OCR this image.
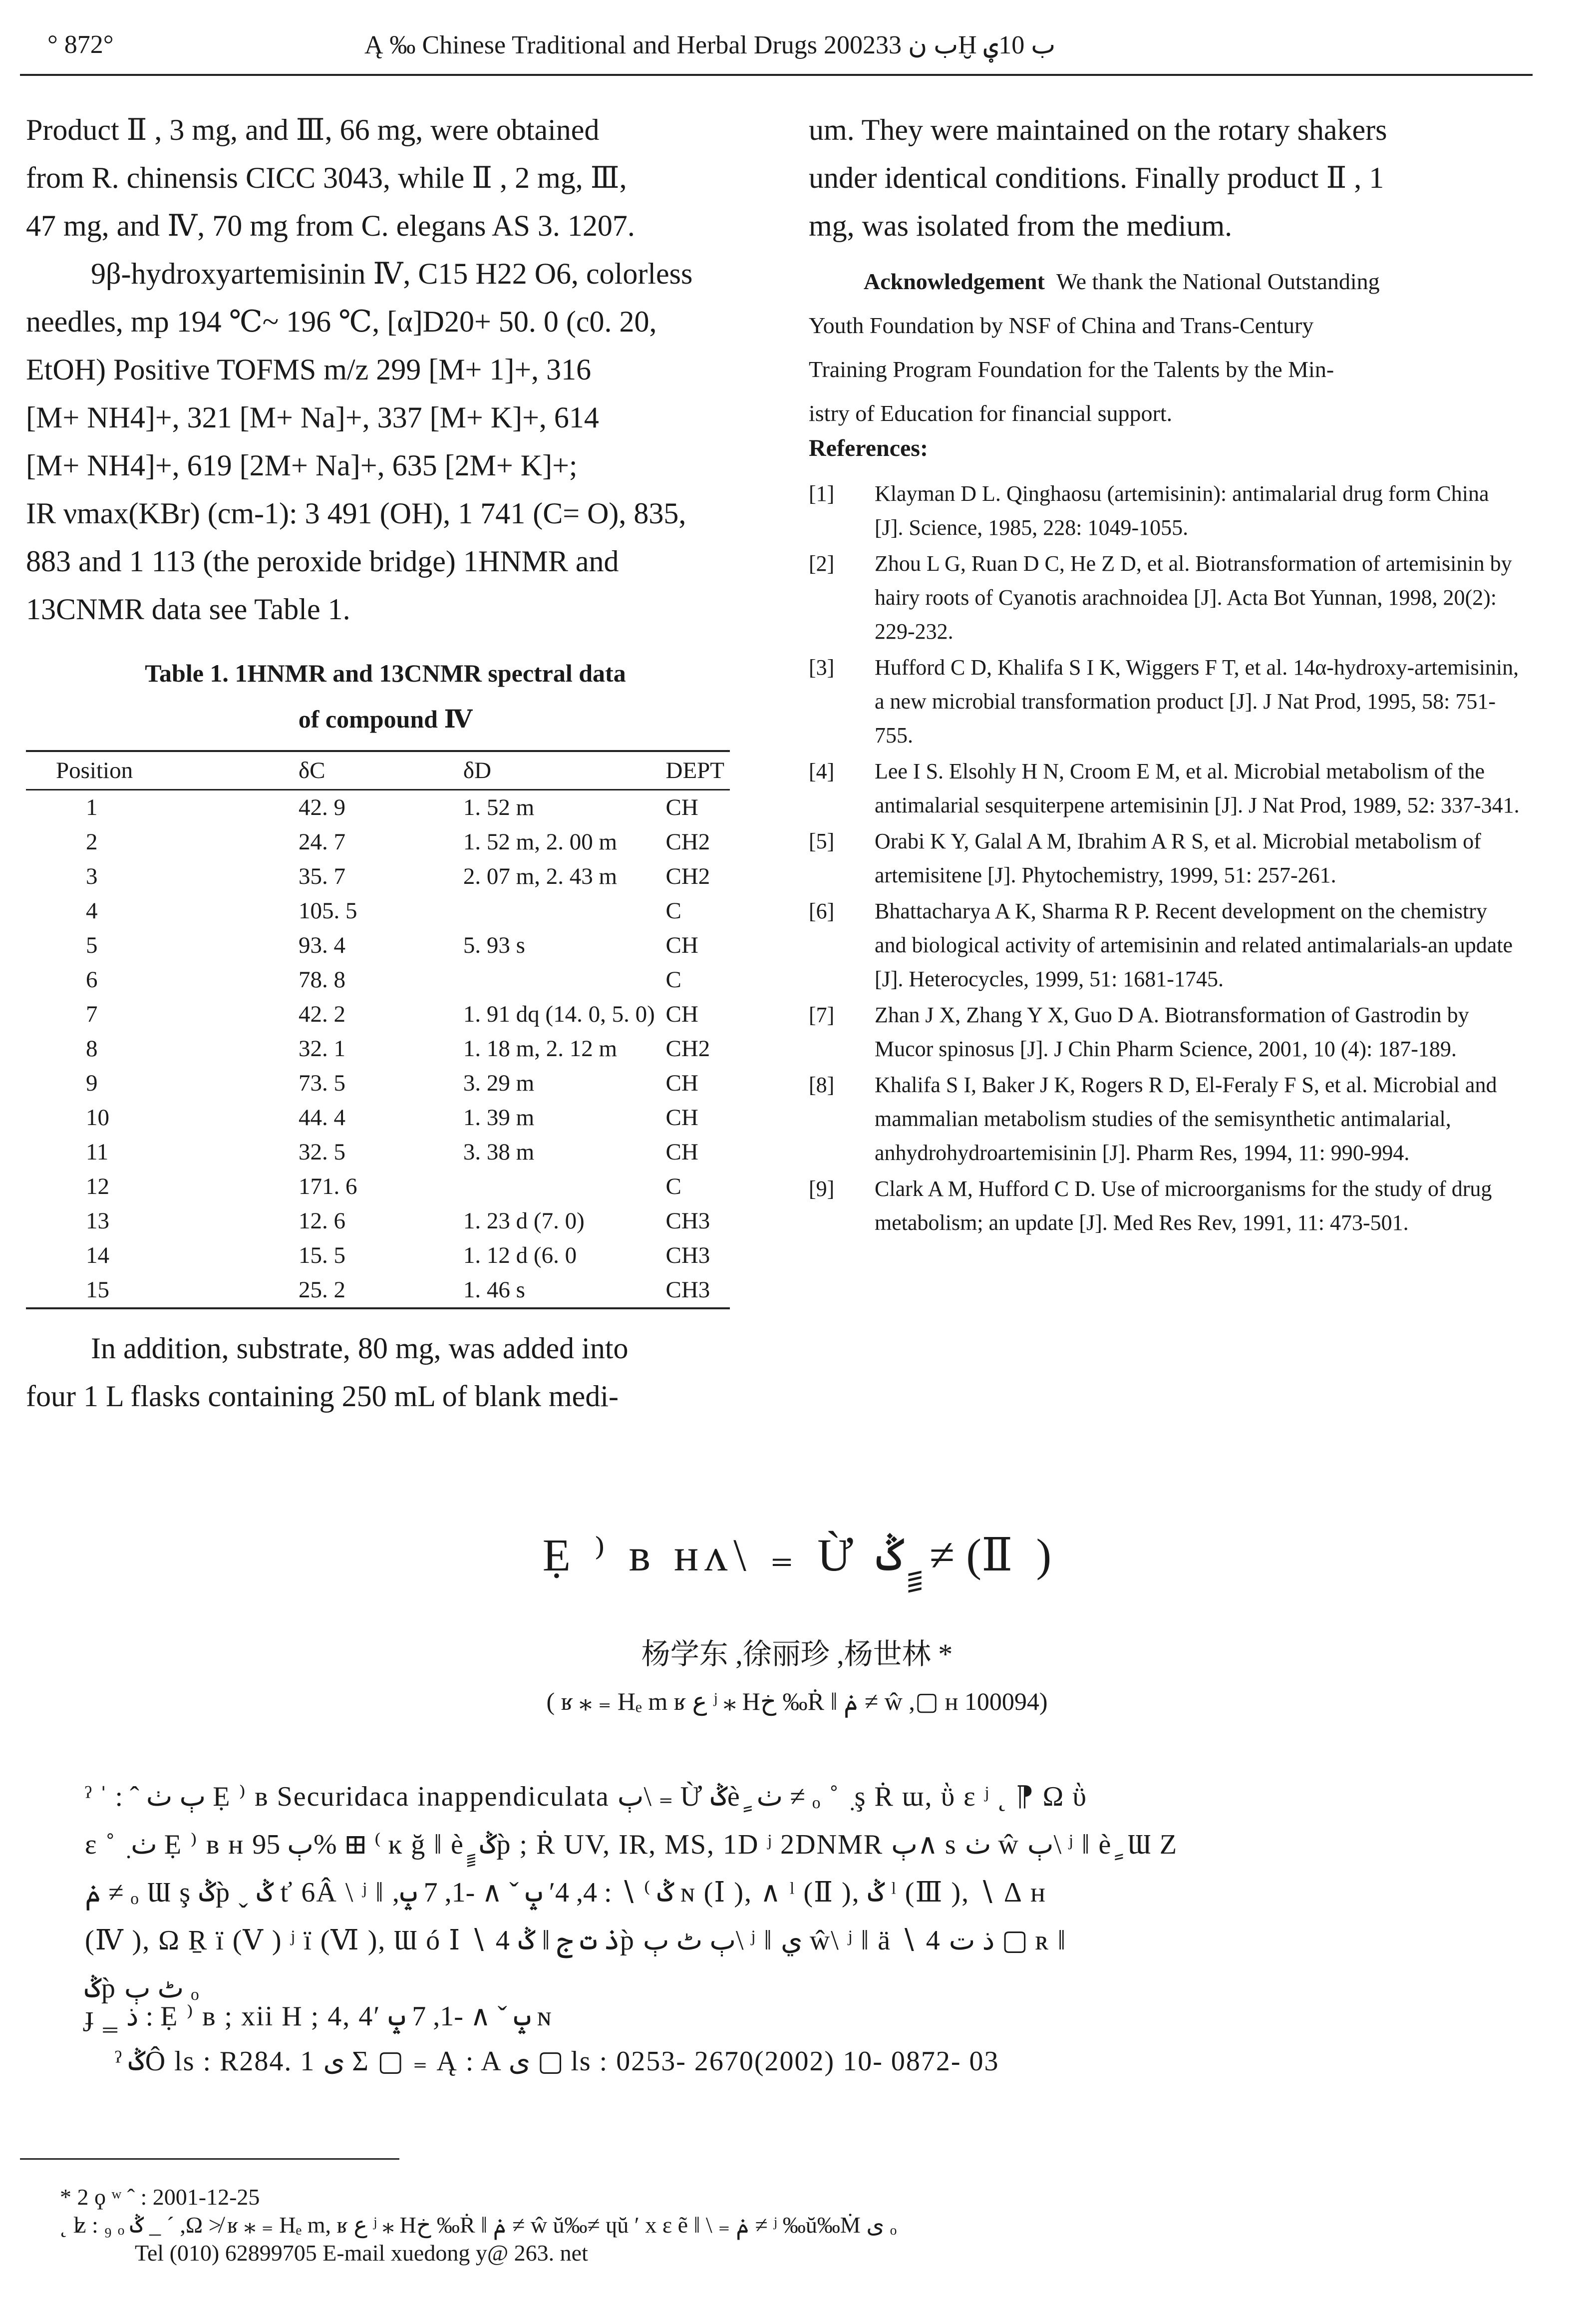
° 872°	Ą ‰ Chinese Traditional and Herbal Drugs 2002ب ن 33Ḫ ب 10ؠ
Product Ⅱ , 3 mg, and Ⅲ, 66 mg, were obtained
from R. chinensis CICC 3043, while Ⅱ , 2 mg, Ⅲ,
47 mg, and Ⅳ, 70 mg from C. elegans AS 3. 1207.
9β-hydroxyartemisinin Ⅳ, C15 H22 O6, colorless
needles, mp 194 ℃~ 196 ℃, [α]D20+ 50. 0 (c0. 20,
EtOH) Positive TOFMS m/z 299 [M+ 1]+, 316
[M+ NH4]+, 321 [M+ Na]+, 337 [M+ K]+, 614
[M+ NH4]+, 619 [2M+ Na]+, 635 [2M+ K]+;
IR νmax(KBr) (cm-1): 3 491 (OH), 1 741 (C= O), 835,
883 and 1 113 (the peroxide bridge) 1HNMR and
13CNMR data see Table 1.
Table 1. 1HNMR and 13CNMR spectral data
of compound Ⅳ
Position	δC	δD	DEPT
1	42. 9	1. 52 m	CH
2	24. 7	1. 52 m, 2. 00 m	CH2
3	35. 7	2. 07 m, 2. 43 m	CH2
4	105. 5		C
5	93. 4	5. 93 s	CH
6	78. 8		C
7	42. 2	1. 91 dq (14. 0, 5. 0)	CH
8	32. 1	1. 18 m, 2. 12 m	CH2
9	73. 5	3. 29 m	CH
10	44. 4	1. 39 m	CH
11	32. 5	3. 38 m	CH
12	171. 6		C
13	12. 6	1. 23 d (7. 0)	CH3
14	15. 5	1. 12 d (6. 0	CH3
15	25. 2	1. 46 s	CH3
In addition, substrate, 80 mg, was added into
four 1 L flasks containing 250 mL of blank medi-
um. They were maintained on the rotary shakers
under identical conditions. Finally product Ⅱ , 1
mg, was isolated from the medium.
Acknowledgement We thank the National Outstanding
Youth Foundation by NSF of China and Trans-Century
Training Program Foundation for the Talents by the Min-
istry of Education for financial support.
References:
[1]	Klayman D L. Qinghaosu (artemisinin): antimalarial drug form China [J]. Science, 1985, 228: 1049-1055.
[2]	Zhou L G, Ruan D C, He Z D, et al. Biotransformation of artemisinin by hairy roots of Cyanotis arachnoidea [J]. Acta Bot Yunnan, 1998, 20(2): 229-232.
[3]	Hufford C D, Khalifa S I K, Wiggers F T, et al. 14α-hydroxy-artemisinin, a new microbial transformation product [J]. J Nat Prod, 1995, 58: 751-755.
[4]	Lee I S. Elsohly H N, Croom E M, et al. Microbial metabolism of the antimalarial sesquiterpene artemisinin [J]. J Nat Prod, 1989, 52: 337-341.
[5]	Orabi K Y, Galal A M, Ibrahim A R S, et al. Microbial metabolism of artemisitene [J]. Phytochemistry, 1999, 51: 257-261.
[6]	Bhattacharya A K, Sharma R P. Recent development on the chemistry and biological activity of artemisinin and related antimalarials-an update [J]. Heterocycles, 1999, 51: 1681-1745.
[7]	Zhan J X, Zhang Y X, Guo D A. Biotransformation of Gastrodin by Mucor spinosus [J]. J Chin Pharm Science, 2001, 10 (4): 187-189.
[8]	Khalifa S I, Baker J K, Rogers R D, El-Feraly F S, et al. Microbial and mammalian metabolism studies of the semisynthetic antimalarial, anhydrohydroartemisinin [J]. Pharm Res, 1994, 11: 990-994.
[9]	Clark A M, Hufford C D. Use of microorganisms for the study of drug metabolism; an update [J]. Med Res Rev, 1991, 11: 473-501.
Ẹ ⁾ ʙ ʜʌ\ ₌ Ừ ݣ ٍٍ ≠ (Ⅱ )
杨学东 ,徐丽珍 ,杨世林 *
( ʁ ⁎ ₌ Hₑ m ʁ ع ʲ ⁎ Hخ ‰Ṙ ‖ ݥ ≠ ŵ ,▢ ʜ 100094)
ˀ ˈ : ˆ ٻ ٺ Ẹ ⁾ ʙ Securidaca inappendiculata ٻ\ ₌ Ừ ݣè ٍ ٺ ≠ ₒ ˚ ٜ ş Ṙ ɯ, ῢ ɛ ʲ ˛ ⁋ Ω ῢ
ɛ ˚ ٜ ٺ Ẹ ⁾ ʙ ʜ ٻ 95% ⊞ ⁽ ĸ ğ ‖ è ٍٍ ݣp̀ ; Ṙ UV, IR, MS, 1D ʲ 2DNMR ٻ∧ s ٺ ŵ ٻ\ ʲ ‖ è ٍ Ɯ Ζ
ݥ ≠ ₒ Ɯ ş ݣp̀ ˬ ݣ ť 6Â \ ʲ ‖ ,ݣ ⁾ ∖ : 4, 4ʹ ݒ ˇ ∧ -1, 7 ݒ ɴ (Ⅰ ), ∧ ˡ (Ⅱ ), ݣ ˡ (Ⅲ ), ∖ ∆ ʜ
(Ⅳ ), Ω Ṟ ï (Ⅴ ) ʲ ï (Ⅵ ), Ɯ ó Ⅰ ∖ 4 ذ ت ج ‖ ݣp̀ ٻ ٹ ٻ\ ʲ ‖ ي ŵ\ ʲ ‖ ä ∖ 4 ذ ت ▢ ʀ ‖
ݣp̀ ٹ ٻ ₒ
ɟ ‗ ذ : Ẹ ⁾ ʙ ; xii H ; 4, 4ʹ ݒ ˇ ∧ -1, 7 ݒ ɴ
ˀ ݣÔ ls : R284. 1 ى Ʃ ▢ ₌ Ą : A ى ▢ ls : 0253- 2670(2002) 10- 0872- 03
* 2 ϙ ʷ ˆ : 2001-12-25
˛ ʫ : ₉ ₒ ݣ _ ˊ ,Ω ≯ ʁ ⁎ ₌ Hₑ m, ʁ ع ʲ ⁎ Hخ ‰Ṙ ‖ ݥ ≠ ŵ ŭ‰≠ ɥŭ ʹ x ε ẽ ‖ \ ₌ ݥ ≠ ʲ ‰ŭ‰Ṁ ى ₒ
Tel (010) 62899705 E-mail xuedong y@ 263. net
